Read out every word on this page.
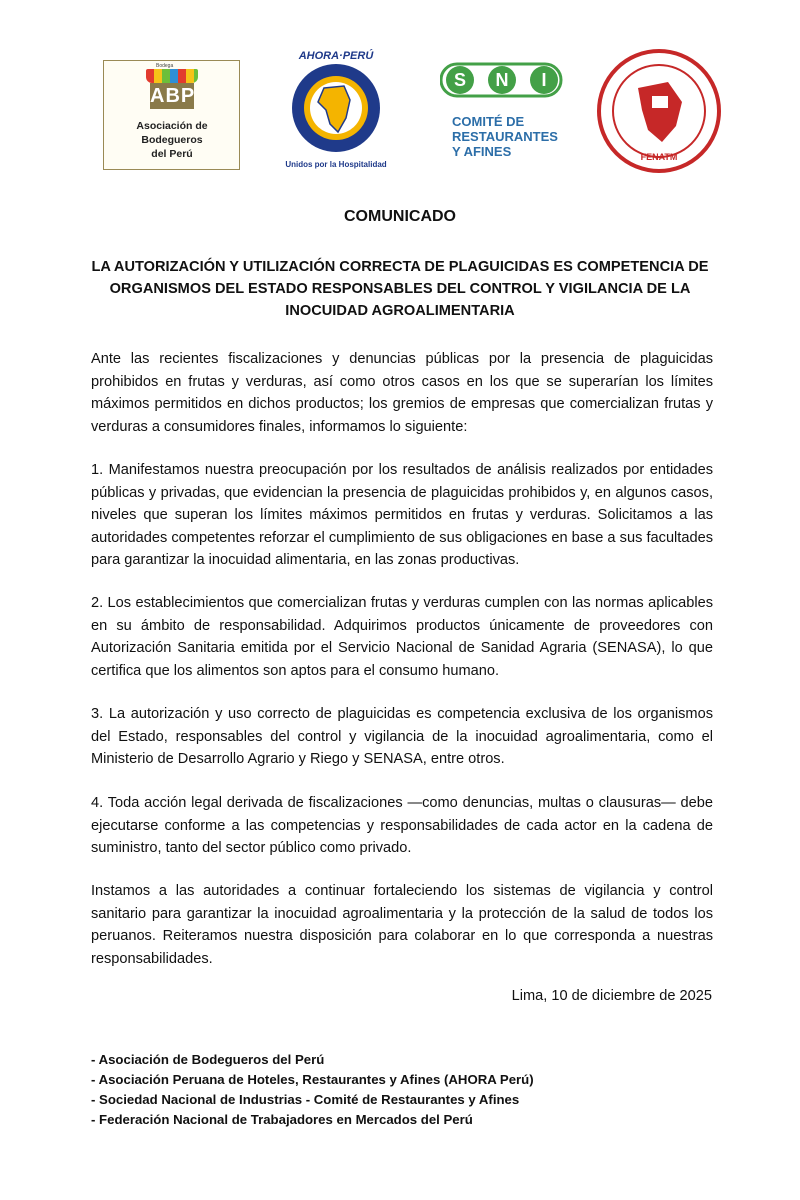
Bodega
ABP
Asociación de Bodegueros
del Perú
AHORA·PERÚ
Unidos por la Hospitalidad
S N I
COMITÉ DE
RESTAURANTES
Y AFINES	FENATM
COMUNICADO
LA AUTORIZACIÓN Y UTILIZACIÓN CORRECTA DE PLAGUICIDAS ES COMPETENCIA DE ORGANISMOS DEL ESTADO RESPONSABLES DEL CONTROL Y VIGILANCIA DE LA INOCUIDAD AGROALIMENTARIA
Ante las recientes fiscalizaciones y denuncias públicas por la presencia de plaguicidas prohibidos en frutas y verduras, así como otros casos en los que se superarían los límites máximos permitidos en dichos productos; los gremios de empresas que comercializan frutas y verduras a consumidores finales, informamos lo siguiente:
1. Manifestamos nuestra preocupación por los resultados de análisis realizados por entidades públicas y privadas, que evidencian la presencia de plaguicidas prohibidos y, en algunos casos, niveles que superan los límites máximos permitidos en frutas y verduras. Solicitamos a las autoridades competentes reforzar el cumplimiento de sus obligaciones en base a sus facultades para garantizar la inocuidad alimentaria, en las zonas productivas.
2. Los establecimientos que comercializan frutas y verduras cumplen con las normas aplicables en su ámbito de responsabilidad. Adquirimos productos únicamente de proveedores con Autorización Sanitaria emitida por el Servicio Nacional de Sanidad Agraria (SENASA), lo que certifica que los alimentos son aptos para el consumo humano.
3. La autorización y uso correcto de plaguicidas es competencia exclusiva de los organismos del Estado, responsables del control y vigilancia de la inocuidad agroalimentaria, como el Ministerio de Desarrollo Agrario y Riego y SENASA, entre otros.
4. Toda acción legal derivada de fiscalizaciones —como denuncias, multas o clausuras— debe ejecutarse conforme a las competencias y responsabilidades de cada actor en la cadena de suministro, tanto del sector público como privado.
Instamos a las autoridades a continuar fortaleciendo los sistemas de vigilancia y control sanitario para garantizar la inocuidad agroalimentaria y la protección de la salud de todos los peruanos. Reiteramos nuestra disposición para colaborar en lo que corresponda a nuestras responsabilidades.
Lima, 10 de diciembre de 2025
- Asociación de Bodegueros del Perú
- Asociación Peruana de Hoteles, Restaurantes y Afines (AHORA Perú)
- Sociedad Nacional de Industrias - Comité de Restaurantes y Afines
- Federación Nacional de Trabajadores en Mercados del Perú
